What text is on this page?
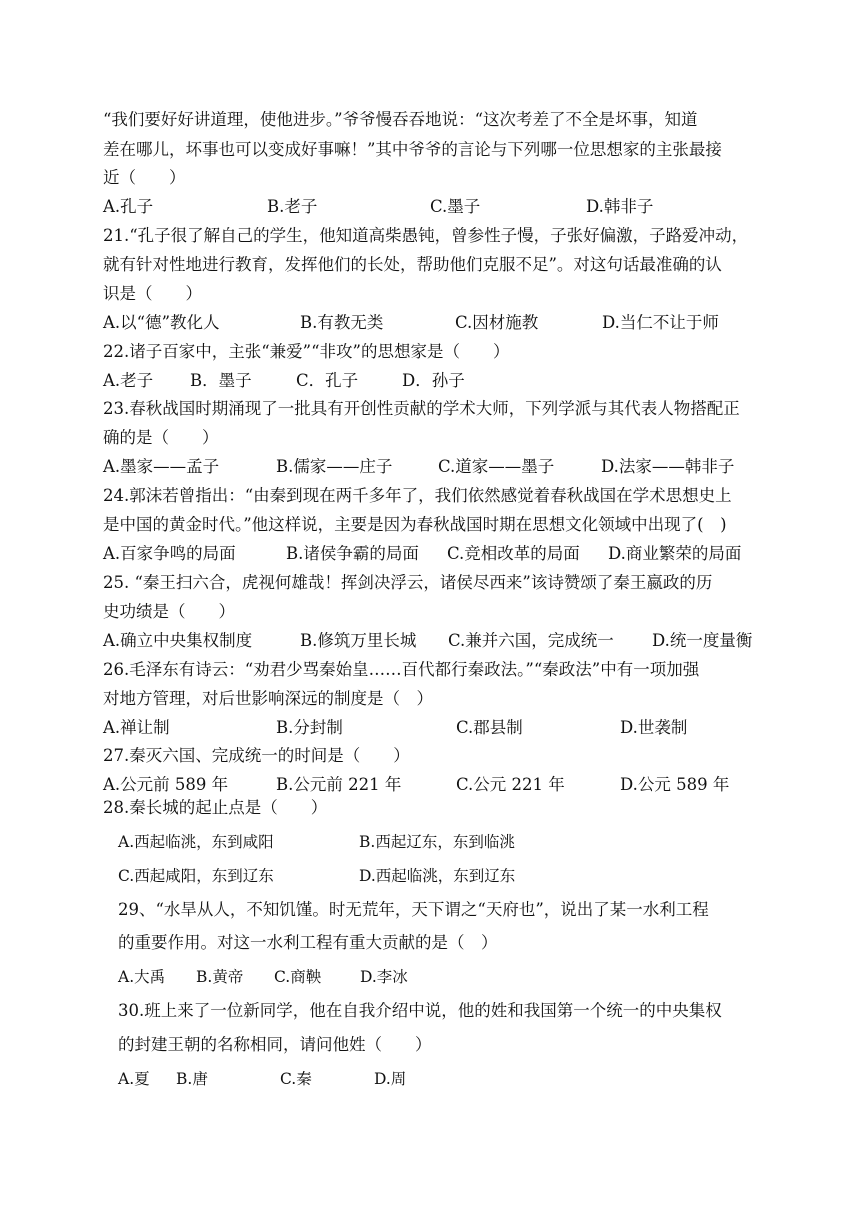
“我们要好好讲道理，使他进步。”爷爷慢吞吞地说：“这次考差了不全是坏事，知道
差在哪儿，坏事也可以变成好事嘛！”其中爷爷的言论与下列哪一位思想家的主张最接
近（　　）
A.孔子	B.老子	C.墨子	D.韩非子
21.“孔子很了解自己的学生，他知道高柴愚钝，曾参性子慢，子张好偏激，子路爱冲动，
就有针对性地进行教育，发挥他们的长处，帮助他们克服不足”。对这句话最准确的认
识是（　　）
A.以“德”教化人	B.有教无类	C.因材施教	D.当仁不让于师
22.诸子百家中，主张“兼爱”“非攻”的思想家是（　　）
A.老子 B．墨子	C．孔子	D．孙子
23.春秋战国时期涌现了一批具有开创性贡献的学术大师，下列学派与其代表人物搭配正
确的是（　　）
A.墨家——孟子	B.儒家——庄子	C.道家——墨子	D.法家——韩非子
24.郭沫若曾指出：“由秦到现在两千多年了，我们依然感觉着春秋战国在学术思想史上
是中国的黄金时代。”他这样说，主要是因为春秋战国时期在思想文化领域中出现了(　)
A.百家争鸣的局面	B.诸侯争霸的局面 C.竞相改革的局面 D.商业繁荣的局面
25. “秦王扫六合，虎视何雄哉！挥剑决浮云，诸侯尽西来”该诗赞颂了秦王嬴政的历
史功绩是（　　）
A.确立中央集权制度	B.修筑万里长城 C.兼并六国，完成统一 D.统一度量衡
26.毛泽东有诗云：“劝君少骂秦始皇……百代都行秦政法。”“秦政法”中有一项加强
对地方管理，对后世影响深远的制度是（　）
A.禅让制	B.分封制	C.郡县制	D.世袭制
27.秦灭六国、完成统一的时间是（　　）
A.公元前 589 年	B.公元前 221 年	C.公元 221 年	D.公元 589 年
28.秦长城的起止点是（　　）
A.西起临洮，东到咸阳	B.西起辽东，东到临洮
C.西起咸阳，东到辽东	D.西起临洮，东到辽东
29、“水旱从人，不知饥馑。时无荒年，天下谓之“天府也”，说出了某一水利工程
的重要作用。对这一水利工程有重大贡献的是（　）
A.大禹 B.黄帝 C.商鞅	D.李冰
30.班上来了一位新同学，他在自我介绍中说，他的姓和我国第一个统一的中央集权
的封建王朝的名称相同，请问他姓（　　）
A.夏 B.唐	C.秦	D.周
